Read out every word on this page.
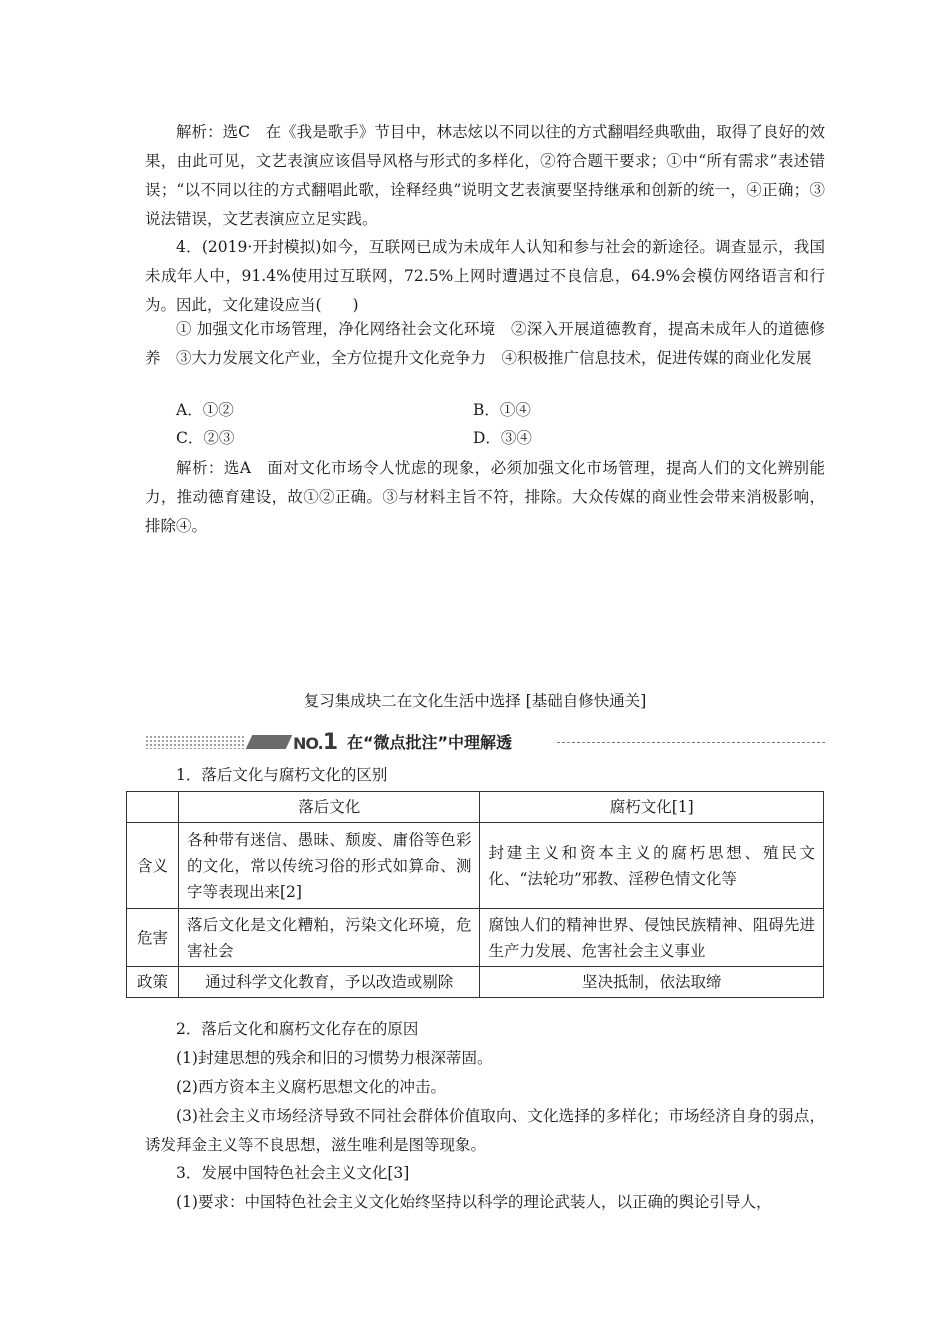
解析：选C　在《我是歌手》节目中，林志炫以不同以往的方式翻唱经典歌曲，取得了良好的效果，由此可见，文艺表演应该倡导风格与形式的多样化，②符合题干要求；①中“所有需求”表述错误；“以不同以往的方式翻唱此歌，诠释经典”说明文艺表演要坚持继承和创新的统一，④正确；③说法错误，文艺表演应立足实践。

4．(2019·开封模拟)如今，互联网已成为未成年人认知和参与社会的新途径。调查显示，我国未成年人中，91.4%使用过互联网，72.5%上网时遭遇过不良信息，64.9%会模仿网络语言和行为。因此，文化建设应当(　　)

① 加强文化市场管理，净化网络社会文化环境　②深入开展道德教育，提高未成年人的道德修养　③大力发展文化产业，全方位提升文化竞争力　④积极推广信息技术，促进传媒的商业化发展

A．①②	B．①④
C．②③	D．③④

解析：选A　面对文化市场令人忧虑的现象，必须加强文化市场管理，提高人们的文化辨别能力，推动德育建设，故①②正确。③与材料主旨不符，排除。大众传媒的商业性会带来消极影响，排除④。

复习集成块二在文化生活中选择 [基础自修快通关]
NO.1 在“微点批注”中理解透

1．落后文化与腐朽文化的区别

	落后文化	腐朽文化[1]
含义	各种带有迷信、愚昧、颓废、庸俗等色彩的文化，常以传统习俗的形式如算命、测字等表现出来[2]	封建主义和资本主义的腐朽思想、殖民文化、“法轮功”邪教、淫秽色情文化等
危害	落后文化是文化糟粕，污染文化环境，危害社会	腐蚀人们的精神世界、侵蚀民族精神、阻碍先进生产力发展、危害社会主义事业
政策	通过科学文化教育，予以改造或剔除	坚决抵制，依法取缔

2．落后文化和腐朽文化存在的原因

(1)封建思想的残余和旧的习惯势力根深蒂固。

(2)西方资本主义腐朽思想文化的冲击。

(3)社会主义市场经济导致不同社会群体价值取向、文化选择的多样化；市场经济自身的弱点，诱发拜金主义等不良思想，滋生唯利是图等现象。

3．发展中国特色社会主义文化[3]

(1)要求：中国特色社会主义文化始终坚持以科学的理论武装人，以正确的舆论引导人，
